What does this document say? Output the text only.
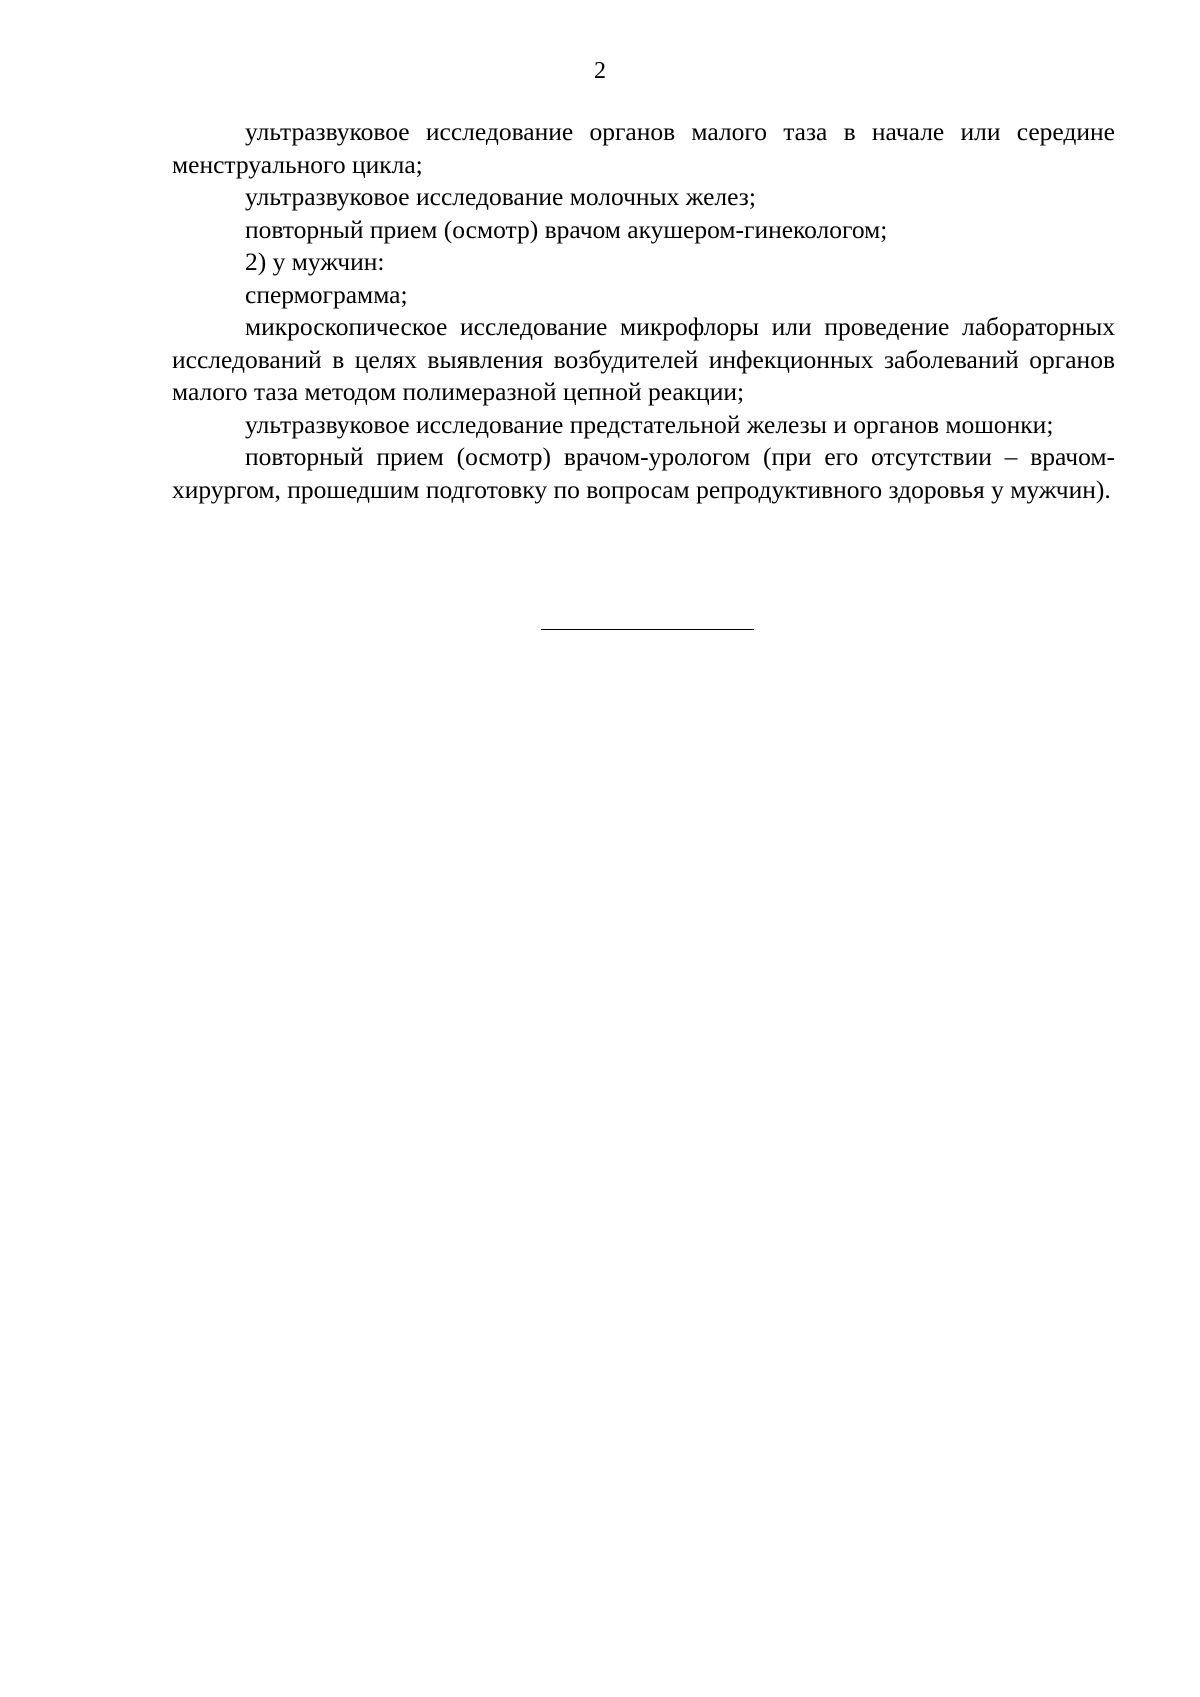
2

ультразвуковое исследование органов малого таза в начале или середине менструального цикла;

ультразвуковое исследование молочных желез;

повторный прием (осмотр) врачом акушером-гинекологом;

2) у мужчин:

спермограмма;

микроскопическое исследование микрофлоры или проведение лабораторных исследований в целях выявления возбудителей инфекционных заболеваний органов малого таза методом полимеразной цепной реакции;

ультразвуковое исследование предстательной железы и органов мошонки;

повторный прием (осмотр) врачом-урологом (при его отсутствии – врачом-хирургом, прошедшим подготовку по вопросам репродуктивного здоровья у мужчин).
